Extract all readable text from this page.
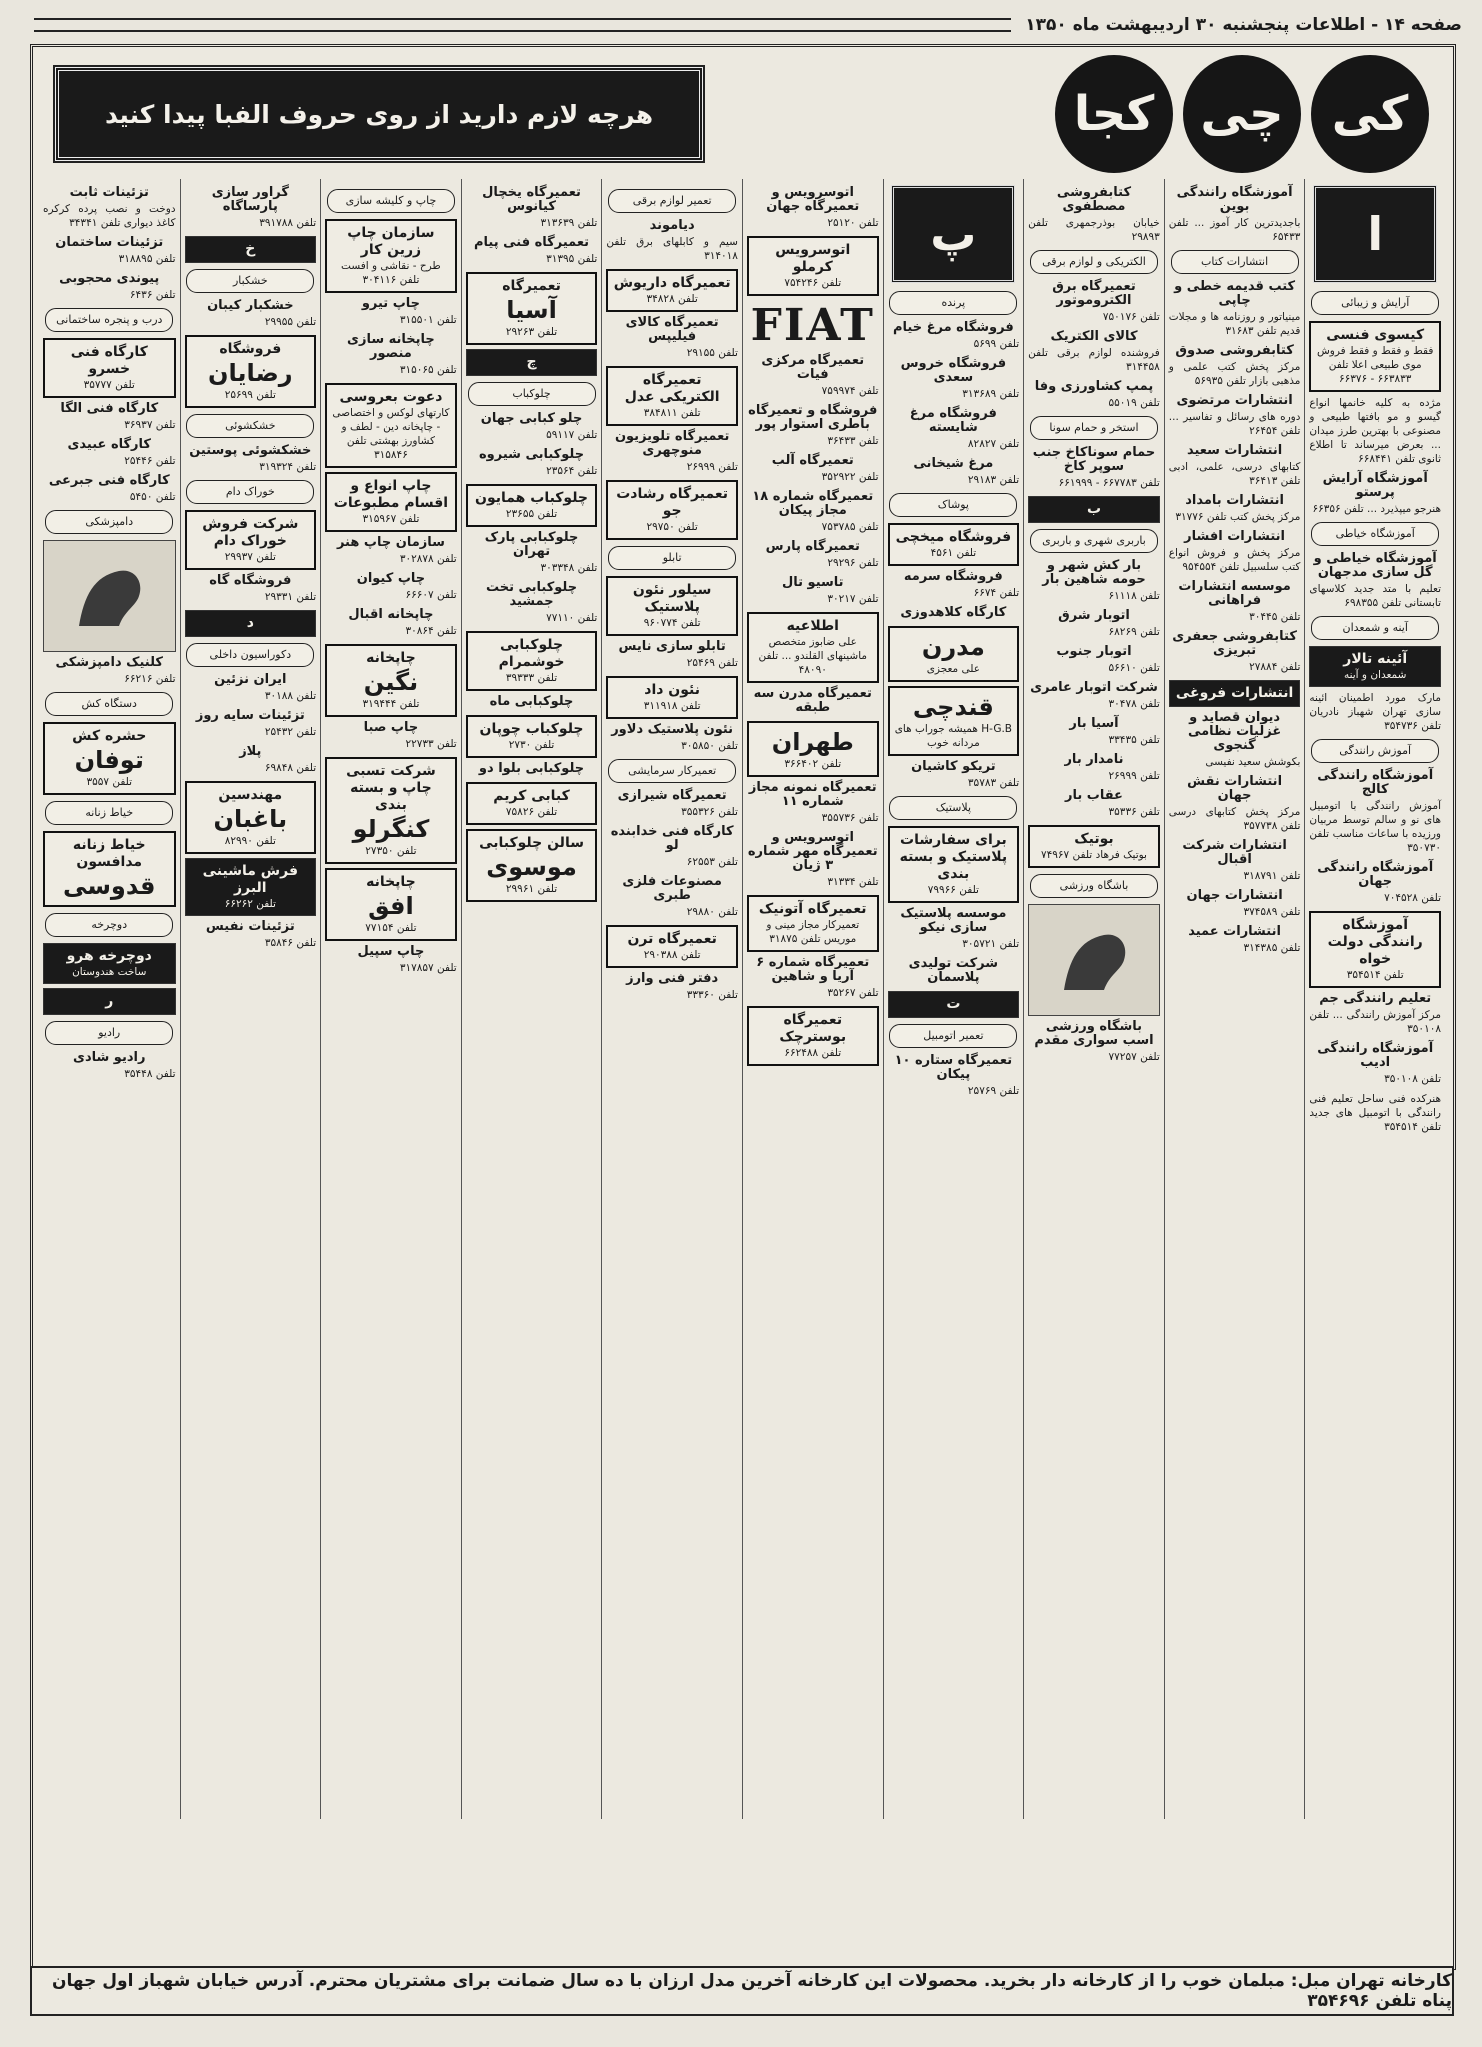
صفحه ۱۴ - اطلاعات پنجشنبه ۳۰ اردیبهشت ماه ۱۳۵۰
کی
چی
کجا
هرچه لازم دارید از روی حروف الفبا پیدا کنید
ا
آرایش و زیبائی
کیسوی فنسی
فقط و فقط و فقط فروش موی طبیعی اعلا تلفن ۶۶۳۸۳۳ - ۶۶۳۷۶
مژده به کلیه خانمها انواع گیسو و مو بافتها طبیعی و مصنوعی با بهترین طرز میدان ... بعرض میرساند تا اطلاع ثانوی تلفن ۶۶۸۴۴۱
آموزشگاه آرایش پرستو
هنرجو میپذیرد ... تلفن ۶۶۳۵۶
آموزشگاه خیاطی
آموزشگاه خیاطی و گل سازی مدجهان
تعلیم با متد جدید کلاسهای تابستانی تلفن ۶۹۸۳۵۵
آینه و شمعدان
آئینه تالار
شمعدان و آینه
مارک مورد اطمینان ائینه سازی تهران شهباز نادریان تلفن ۳۵۴۷۳۶
آموزش رانندگی
آموزشگاه رانندگی کالج
آموزش رانندگی با اتومبیل های نو و سالم توسط مربیان ورزیده با ساعات مناسب تلفن ۳۵۰۷۳۰
آموزشگاه رانندگی جهان
تلفن ۷۰۴۵۲۸
آموزشگاه رانندگی دولت خواه
تلفن ۳۵۴۵۱۴
تعلیم رانندگی جم
مرکز آموزش رانندگی ... تلفن ۳۵۰۱۰۸
آموزشگاه رانندگی ادیب
تلفن ۳۵۰۱۰۸
هنرکده فنی ساحل تعلیم فنی رانندگی با اتومبیل های جدید تلفن ۳۵۴۵۱۴
آموزشگاه رانندگی بوین
باجدیدترین کار آموز ... تلفن ۶۵۴۳۳
انتشارات کتاب
کتب قدیمه خطی و چاپی
مینیاتور و روزنامه ها و مجلات قدیم تلفن ۳۱۶۸۳
کتابفروشی صدوق
مرکز پخش کتب علمی و مذهبی بازار تلفن ۵۶۹۳۵
انتشارات مرتضوی
دوره های رسائل و تفاسیر ... تلفن ۲۶۴۵۴
انتشارات سعید
کتابهای درسی، علمی، ادبی تلفن ۳۶۴۱۳
انتشارات بامداد
مرکز پخش کتب تلفن ۳۱۷۷۶
انتشارات افشار
مرکز پخش و فروش انواع کتب سلسبیل تلفن ۹۵۴۵۵۴
موسسه انتشارات فراهانی
تلفن ۳۰۴۴۵
کتابفروشی جعفری تبریزی
تلفن ۲۷۸۸۴
انتشارات فروغی
دیوان قصاید و غزلیات نظامی گنجوی
بکوشش سعید نفیسی
انتشارات نقش جهان
مرکز پخش کتابهای درسی تلفن ۳۵۷۷۳۸
انتشارات شرکت اقبال
تلفن ۳۱۸۷۹۱
انتشارات جهان
تلفن ۳۷۴۵۸۹
انتشارات عمید
تلفن ۳۱۴۳۸۵
کتابفروشی مصطفوی
خیابان بوذرجمهری تلفن ۲۹۸۹۳
الکتریکی و لوازم برقی
تعمیرگاه برق الکتروموتور
تلفن ۷۵۰۱۷۶
کالای الکتریک
فروشنده لوازم برقی تلفن ۳۱۴۴۵۸
پمپ کشاورزی وفا
تلفن ۵۵۰۱۹
استخر و حمام سونا
حمام سوناکاخ جنب سوپر کاخ
تلفن ۶۶۷۷۸۳ - ۶۶۱۹۹۹
ب
باربری شهری و باربری
بار کش شهر و حومه شاهین بار
تلفن ۶۱۱۱۸
اتوبار شرق
تلفن ۶۸۲۶۹
اتوبار جنوب
تلفن ۵۶۶۱۰
شرکت اتوبار عامری
تلفن ۳۰۴۷۸
آسیا بار
تلفن ۳۳۴۳۵
نامدار بار
تلفن ۲۶۹۹۹
عقاب بار
تلفن ۳۵۳۳۶
بوتیک
بوتیک فرهاد تلفن ۷۴۹۶۷
باشگاه ورزشی
باشگاه ورزشی اسب سواری مقدم
تلفن ۷۷۲۵۷
پ
پرنده
فروشگاه مرغ خیام
تلفن ۵۶۹۹
فروشگاه خروس سعدی
تلفن ۳۱۳۶۸۹
فروشگاه مرغ شایسته
تلفن ۸۲۸۲۷
مرغ شیخانی
تلفن ۲۹۱۸۳
پوشاک
فروشگاه میخچی
تلفن ۴۵۶۱
فروشگاه سرمه
تلفن ۶۶۷۴
کارگاه کلاهدوزی
مدرن
علی معجزی
قندچی
H-G.B همیشه جوراب های مردانه خوب
تریکو کاشیان
تلفن ۳۵۷۸۳
پلاستیک
برای سفارشات پلاستیک و بسته بندی
تلفن ۷۹۹۶۶
موسسه پلاستیک سازی نیکو
تلفن ۳۰۵۷۲۱
شرکت تولیدی پلاسمان
ت
تعمیر اتومبیل
تعمیرگاه ستاره ۱۰ پیکان
تلفن ۲۵۷۶۹
اتوسرویس و تعمیرگاه جهان
تلفن ۲۵۱۲۰
اتوسرویس کرملو
تلفن ۷۵۴۲۴۶
FIAT
تعمیرگاه مرکزی فیات
تلفن ۷۵۹۹۷۴
فروشگاه و تعمیرگاه باطری استوار پور
تلفن ۳۶۴۳۳
تعمیرگاه آلب
تلفن ۳۵۲۹۲۲
تعمیرگاه شماره ۱۸ مجاز پیکان
تلفن ۷۵۳۷۸۵
تعمیرگاه پارس
تلفن ۲۹۲۹۶
تاسیو تال
تلفن ۳۰۲۱۷
اطلاعیه
علی ضابوز متخصص ماشینهای القلندو ... تلفن ۴۸۰۹۰
تعمیرگاه مدرن سه طبقه
طهران
تلفن ۳۶۶۴۰۲
تعمیرگاه نمونه مجاز شماره ۱۱
تلفن ۳۵۵۷۳۶
اتوسرویس و تعمیرگاه مهر شماره ۳ ژیان
تلفن ۳۱۳۳۴
تعمیرگاه آتونیک
تعمیرکار مجاز مینی و موریس تلفن ۳۱۸۷۵
تعمیرگاه شماره ۶ آریا و شاهین
تلفن ۳۵۲۶۷
تعمیرگاه بوسترچک
تلفن ۶۶۲۴۸۸
تعمیر لوازم برقی
دیاموند
سیم و کابلهای برق تلفن ۳۱۴۰۱۸
تعمیرگاه داریوش
تلفن ۳۴۸۲۸
تعمیرگاه کالای فیلیپس
تلفن ۲۹۱۵۵
تعمیرگاه الکتریکی عدل
تلفن ۳۸۴۸۱۱
تعمیرگاه تلویزیون منوچهری
تلفن ۲۶۹۹۹
تعمیرگاه رشادت جو
تلفن ۲۹۷۵۰
تابلو
سیلور نئون پلاستیک
تلفن ۹۶۰۷۷۴
تابلو سازی نایس
تلفن ۲۵۴۶۹
نئون داد
تلفن ۳۱۱۹۱۸
نئون پلاستیک دلاور
تلفن ۳۰۵۸۵۰
تعمیرکار سرمایشی
تعمیرگاه شیرازی
تلفن ۳۵۵۳۲۶
کارگاه فنی خدابنده لو
تلفن ۶۲۵۵۳
مصنوعات فلزی طبری
تلفن ۲۹۸۸۰
تعمیرگاه ترن
تلفن ۲۹۰۳۸۸
دفتر فنی وارز
تلفن ۳۳۳۶۰
تعمیرگاه یخچال کیانوس
تلفن ۳۱۳۶۳۹
تعمیرگاه فنی پیام
تلفن ۳۱۳۹۵
تعمیرگاه
آسیا
تلفن ۲۹۲۶۳
چ
چلوکباب
چلو کبابی جهان
تلفن ۵۹۱۱۷
چلوکبابی شیروه
تلفن ۲۳۵۶۴
چلوکباب همایون
تلفن ۲۳۶۵۵
چلوکبابی پارک تهران
تلفن ۳۰۳۳۴۸
چلوکبابی تخت جمشید
تلفن ۷۷۱۱۰
چلوکبابی خوشمرام
تلفن ۳۹۳۳۳
چلوکبابی ماه
چلوکباب چوپان
تلفن ۲۷۳۰
چلوکبابی بلوا دو
کبابی کریم
تلفن ۷۵۸۲۶
سالن چلوکبابی
موسوی
تلفن ۲۹۹۶۱
چاپ و کلیشه سازی
سازمان چاپ زرین کار
طرح - نقاشی و افست تلفن ۳۰۴۱۱۶
چاپ تیرو
تلفن ۳۱۵۵۰۱
چاپخانه سازی منصور
تلفن ۳۱۵۰۶۵
دعوت بعروسی
کارتهای لوکس و اختصاصی - چاپخانه دین - لطف و کشاورز بهشتی تلفن ۳۱۵۸۴۶
چاپ انواع و اقسام مطبوعات
تلفن ۳۱۵۹۶۷
سازمان چاپ هنر
تلفن ۳۰۲۸۷۸
چاپ کیوان
تلفن ۶۶۶۰۷
چاپخانه اقبال
تلفن ۳۰۸۶۴
چاپخانه
نگین
تلفن ۳۱۹۴۴۴
چاپ صبا
تلفن ۲۲۷۳۳
شرکت تسبی چاپ و بسته بندی
کنگرلو
تلفن ۲۷۳۵۰
چاپخانه
افق
تلفن ۷۷۱۵۴
چاپ سپیل
تلفن ۳۱۷۸۵۷
گراور سازی پارساگاه
تلفن ۳۹۱۷۸۸
خ
خشکبار
خشکبار کیبان
تلفن ۲۹۹۵۵
فروشگاه
رضایان
تلفن ۲۵۶۹۹
خشکشوئی
خشکشوئی پوستین
تلفن ۳۱۹۳۲۴
خوراک دام
شرکت فروش خوراک دام
تلفن ۲۹۹۳۷
فروشگاه گاه
تلفن ۲۹۳۳۱
د
دکوراسیون داخلی
ایران نزئین
تلفن ۳۰۱۸۸
تزئینات سایه روز
تلفن ۲۵۴۳۲
پلاز
تلفن ۶۹۸۴۸
مهندسین
باغبان
تلفن ۸۲۹۹۰
فرش ماشینی البرز
تلفن ۶۶۲۶۲
تزئینات نفیس
تلفن ۳۵۸۴۶
تزئینات ثابت
دوخت و نصب پرده کرکره کاغذ دیواری تلفن ۳۴۳۴۱
تزئینات ساختمان
تلفن ۳۱۸۸۹۵
پیوندی محجوبی
تلفن ۶۴۳۶
درب و پنجره ساختمانی
کارگاه فنی خسرو
تلفن ۳۵۷۷۷
کارگاه فنی الگا
تلفن ۳۶۹۳۷
کارگاه عبیدی
تلفن ۲۵۴۴۶
کارگاه فنی جبرعی
تلفن ۵۴۵۰
دامپزشکی
کلنیک دامپزشکی
تلفن ۶۶۲۱۶
دستگاه کش
حشره کش
توفان
تلفن ۳۵۵۷
خیاط زنانه
خیاط زنانه مدافسون
قدوسی
دوچرخه
دوچرخه هرو
ساخت هندوستان
ر
رادیو
رادیو شادی
تلفن ۳۵۴۴۸
کارخانه تهران مبل: مبلمان خوب را از کارخانه دار بخرید. محصولات این کارخانه آخرین مدل ارزان با ده سال ضمانت برای مشتریان محترم. آدرس خیابان شهباز اول جهان پناه تلفن ۳۵۴۶۹۶
